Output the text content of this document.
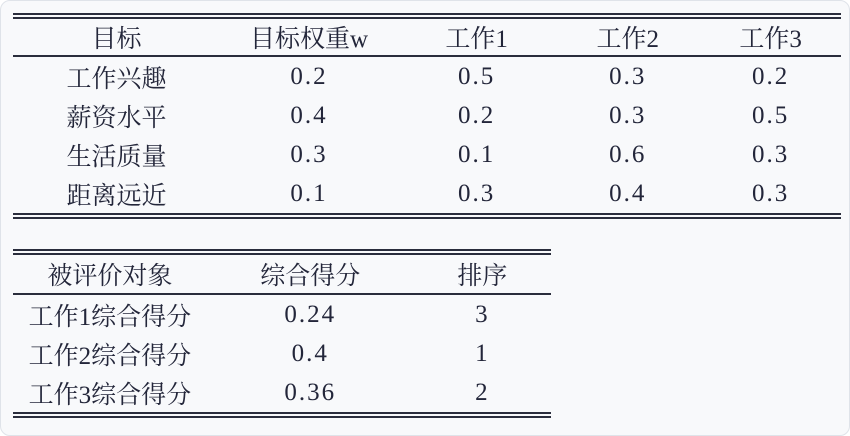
目标	目标权重w	工作1	工作2	工作3
工作兴趣	0.2	0.5	0.3	0.2
薪资水平	0.4	0.2	0.3	0.5
生活质量	0.3	0.1	0.6	0.3
距离远近	0.1	0.3	0.4	0.3
被评价对象	综合得分	排序
工作1综合得分	0.24	3
工作2综合得分	0.4	1
工作3综合得分	0.36	2
